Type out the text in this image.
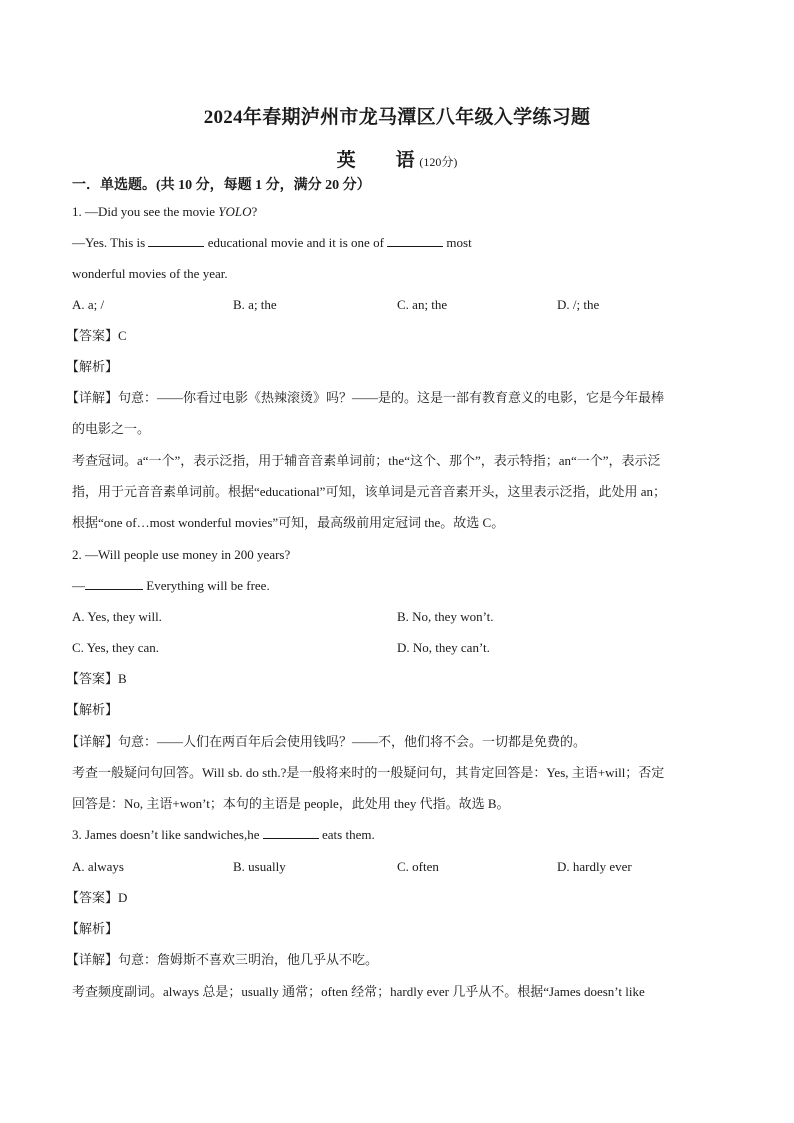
2024年春期泸州市龙马潭区八年级入学练习题
英 语 (120分)
一．单选题。(共 10 分，每题 1 分，满分 20 分）
1. —Did you see the movie YOLO?
—Yes. This is	educational movie and it is one of	most
wonderful movies of the year.
A. a; /	B. a; the	C. an; the	D. /; the
【答案】C
【解析】
【详解】句意：——你看过电影《热辣滚烫》吗？——是的。这是一部有教育意义的电影，它是今年最棒
的电影之一。
考查冠词。a“一个”，表示泛指，用于辅音音素单词前；the“这个、那个”，表示特指；an“一个”，表示泛
指，用于元音音素单词前。根据“educational”可知，该单词是元音音素开头，这里表示泛指，此处用 an；
根据“one of…most wonderful movies”可知，最高级前用定冠词 the。故选 C。
2. —Will people use money in 200 years?
—	Everything will be free.
A. Yes, they will.	B. No, they won’t.
C. Yes, they can.	D. No, they can’t.
【答案】B
【解析】
【详解】句意：——人们在两百年后会使用钱吗？——不，他们将不会。一切都是免费的。
考查一般疑问句回答。Will sb. do sth.?是一般将来时的一般疑问句，其肯定回答是：Yes, 主语+will；否定
回答是：No, 主语+won’t；本句的主语是 people，此处用 they 代指。故选 B。
3. James doesn’t like sandwiches,he	eats them.
A. always	B. usually	C. often	D. hardly ever
【答案】D
【解析】
【详解】句意：詹姆斯不喜欢三明治，他几乎从不吃。
考查频度副词。always 总是；usually 通常；often 经常；hardly ever 几乎从不。根据“James doesn’t like
